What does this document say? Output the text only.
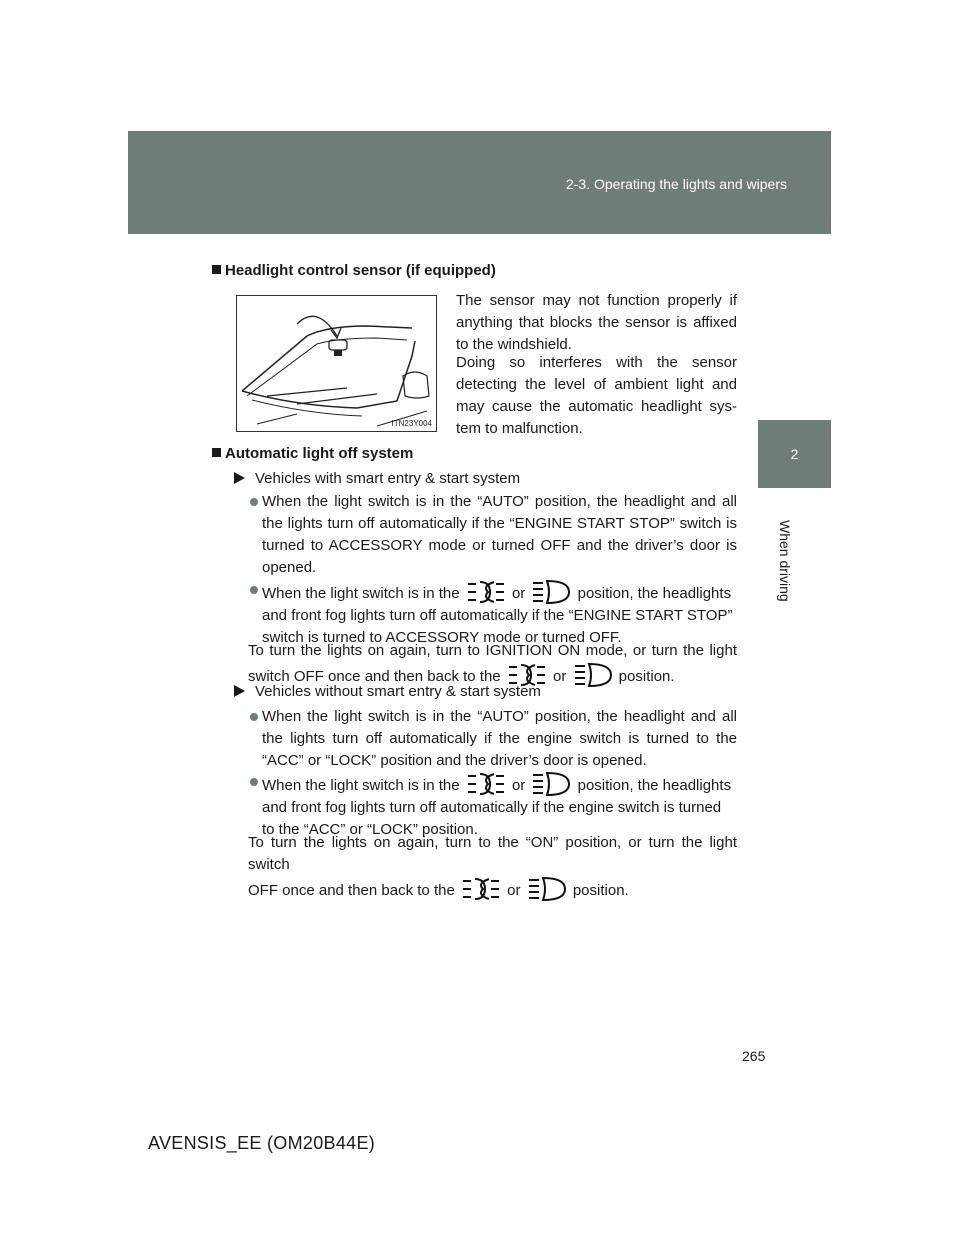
2-3. Operating the lights and wipers
2
When driving
Headlight control sensor (if equipped)
ITN23Y004
The sensor may not function properly if anything that blocks the sensor is affixed to the windshield.
Doing so interferes with the sensor detecting the level of ambient light and may cause the automatic headlight sys- tem to malfunction.
Automatic light off system
Vehicles with smart entry & start system
When the light switch is in the “AUTO” position, the headlight and all the lights turn off automatically if the “ENGINE START STOP” switch is turned to ACCESSORY mode or turned OFF and the driver’s door is opened.
When the light switch is in the	or	position, the headlights
and front fog lights turn off automatically if the “ENGINE START STOP” switch is turned to ACCESSORY mode or turned OFF.
To turn the lights on again, turn to IGNITION ON mode, or turn the light
switch OFF once and then back to the	or	position.
Vehicles without smart entry & start system
When the light switch is in the “AUTO” position, the headlight and all the lights turn off automatically if the engine switch is turned to the “ACC” or “LOCK” position and the driver’s door is opened.
When the light switch is in the	or	position, the headlights
and front fog lights turn off automatically if the engine switch is turned to the “ACC” or “LOCK” position.
To turn the lights on again, turn to the “ON” position, or turn the light switch
OFF once and then back to the	or	position.
265
AVENSIS_EE (OM20B44E)
